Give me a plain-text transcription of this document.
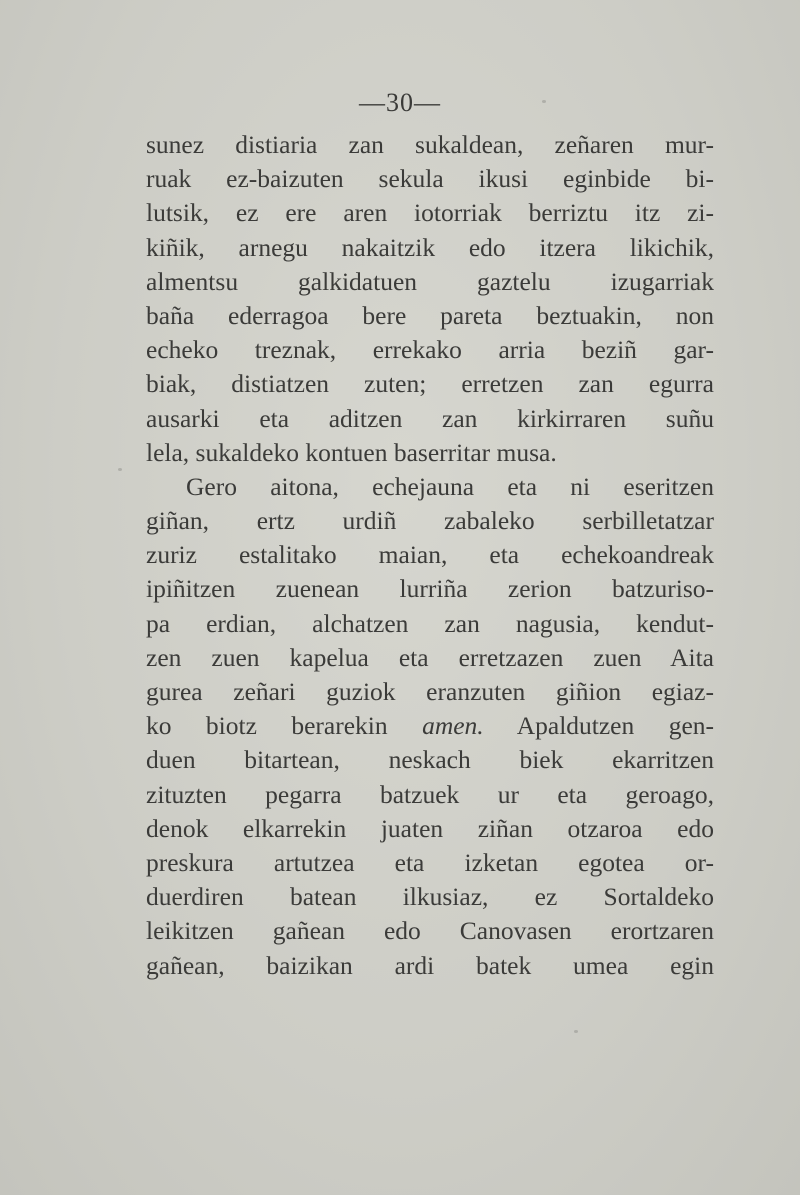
—30—
sunez distiaria zan sukaldean, zeñaren mur-
ruak ez-baizuten sekula ikusi eginbide bi-
lutsik, ez ere aren iotorriak berriztu itz zi-
kiñik, arnegu nakaitzik edo itzera likichik,
almentsu galkidatuen gaztelu izugarriak
baña ederragoa bere pareta beztuakin, non
echeko treznak, errekako arria beziñ gar-
biak, distiatzen zuten; erretzen zan egurra
ausarki eta aditzen zan kirkirraren suñu
lela, sukaldeko kontuen baserritar musa.
Gero aitona, echejauna eta ni eseritzen
giñan, ertz urdiñ zabaleko serbilletatzar
zuriz estalitako maian, eta echekoandreak
ipiñitzen zuenean lurriña zerion batzuriso-
pa erdian, alchatzen zan nagusia, kendut-
zen zuen kapelua eta erretzazen zuen Aita
gurea zeñari guziok eranzuten giñion egiaz-
ko biotz berarekin amen. Apaldutzen gen-
duen bitartean, neskach biek ekarritzen
zituzten pegarra batzuek ur eta geroago,
denok elkarrekin juaten ziñan otzaroa edo
preskura artutzea eta izketan egotea or-
duerdiren batean ilkusiaz, ez Sortaldeko
leikitzen gañean edo Canovasen erortzaren
gañean, baizikan ardi batek umea egin
